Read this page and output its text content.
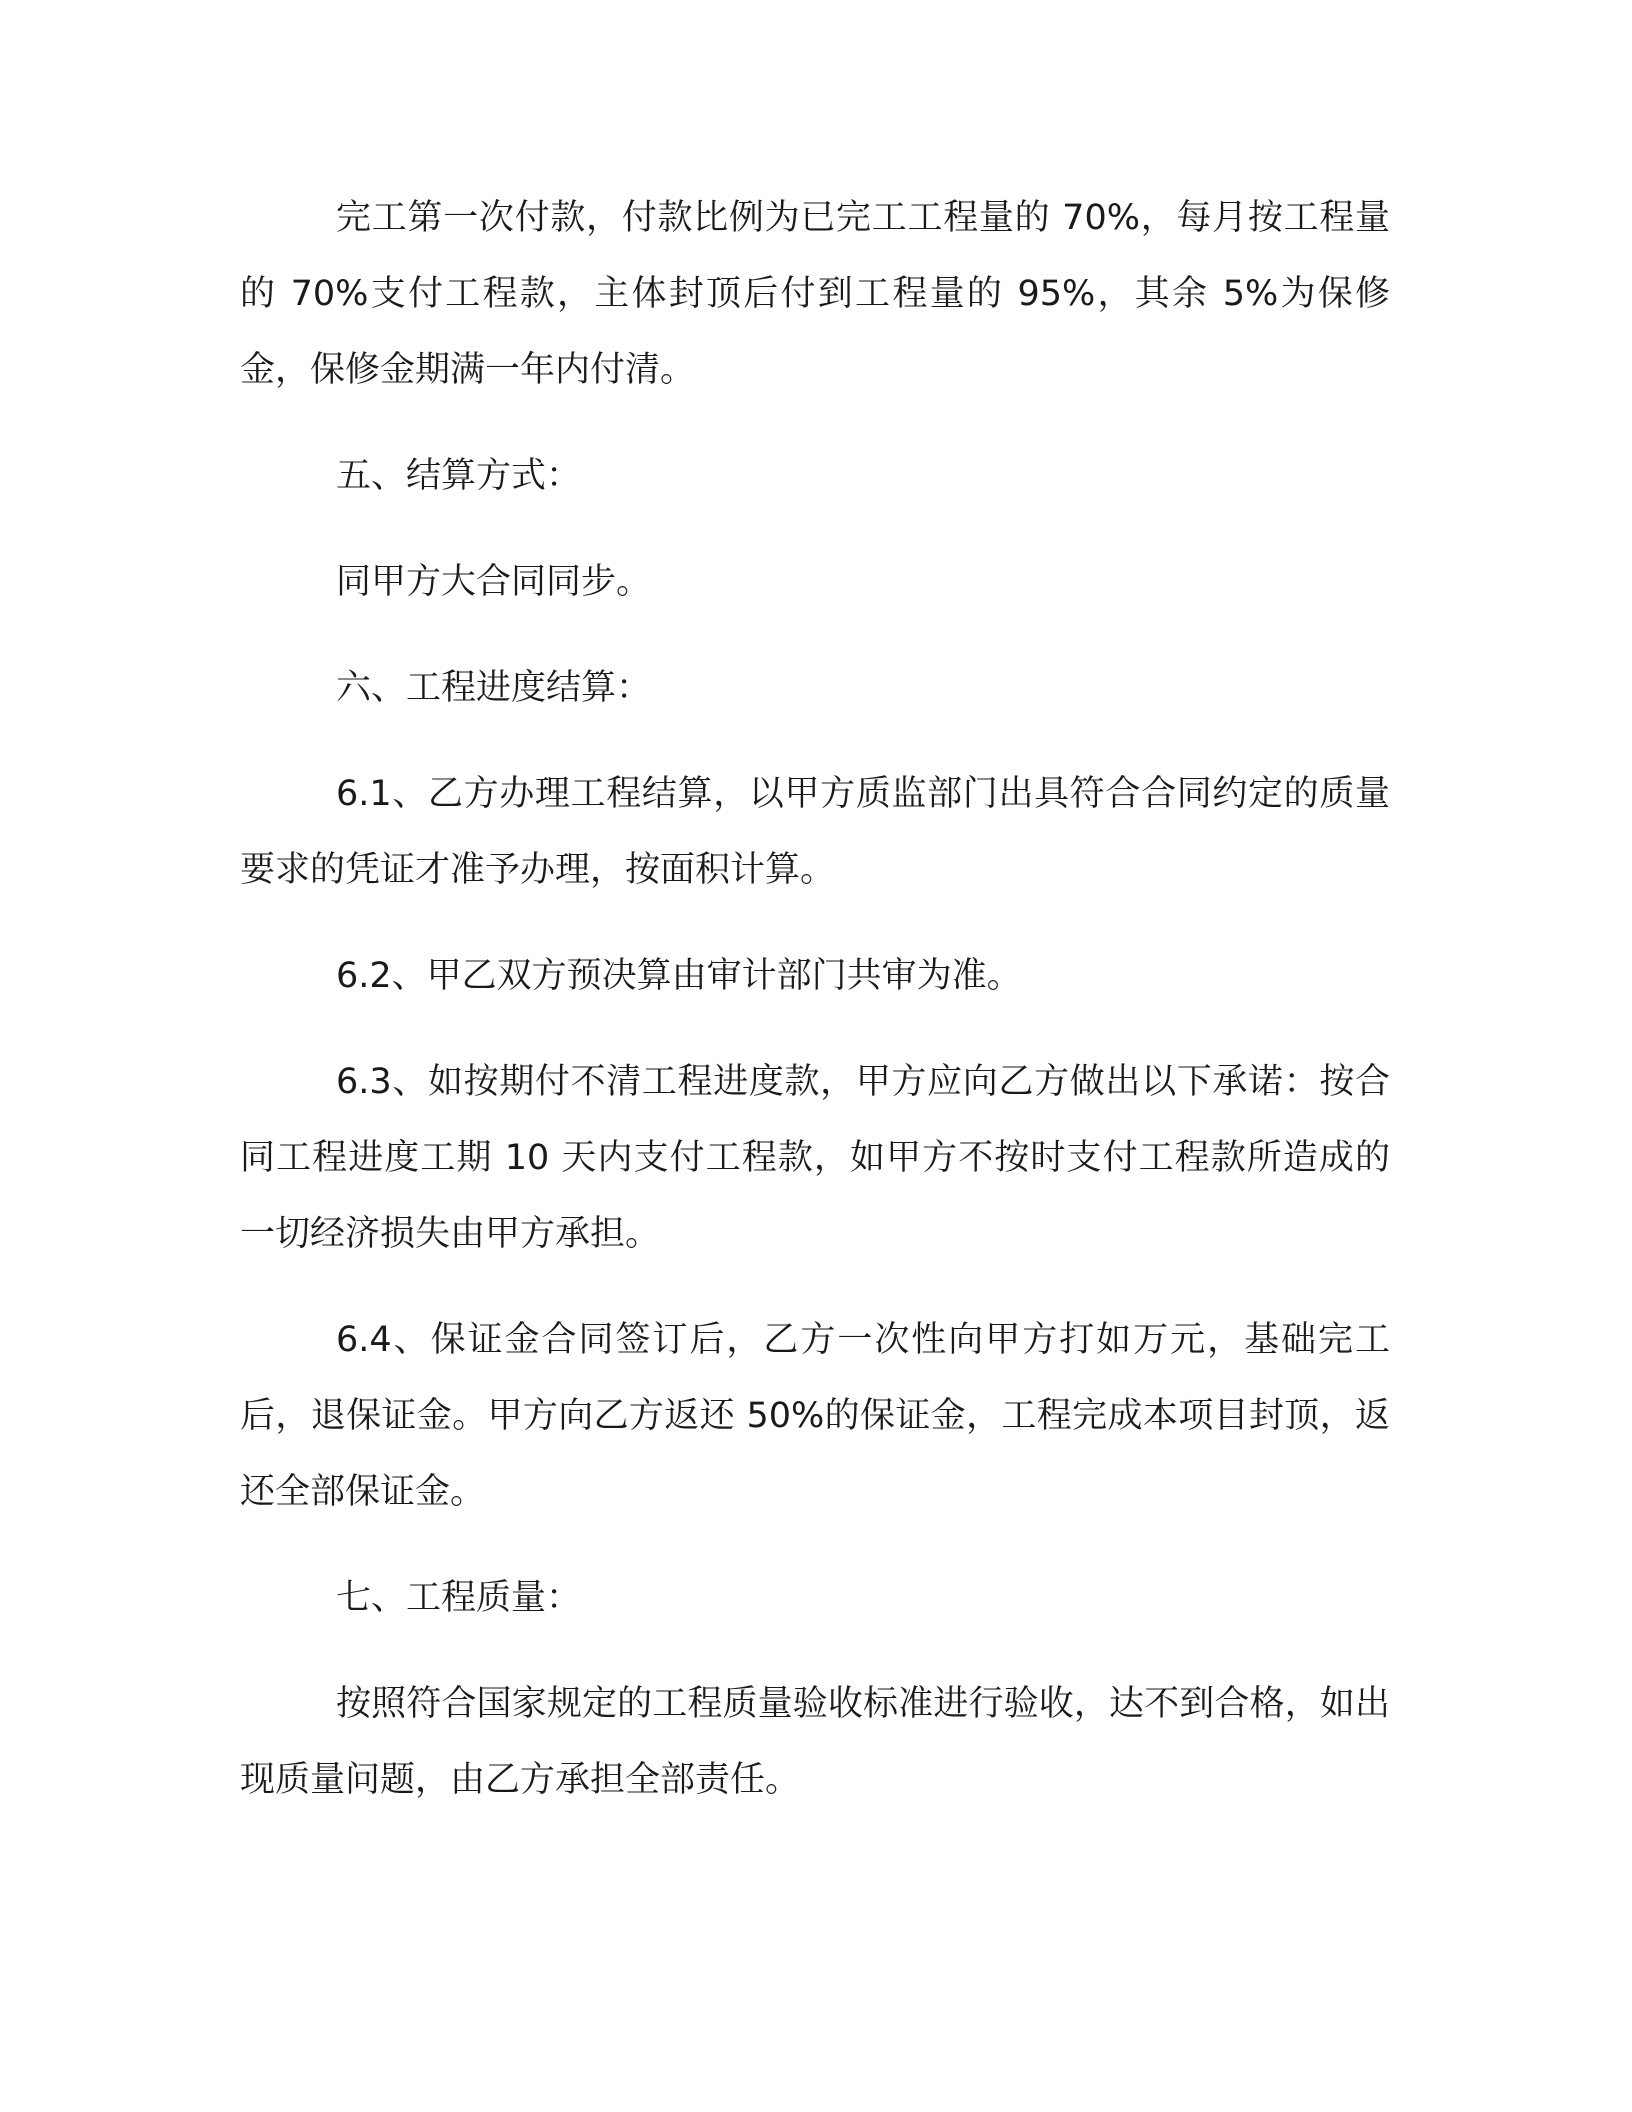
完工第一次付款，付款比例为已完工工程量的 70%，每月按工程量的 70%支付工程款，主体封顶后付到工程量的 95%，其余 5%为保修金，保修金期满一年内付清。

五、结算方式：

同甲方大合同同步。

六、工程进度结算：

6.1、乙方办理工程结算，以甲方质监部门出具符合合同约定的质量要求的凭证才准予办理，按面积计算。

6.2、甲乙双方预决算由审计部门共审为准。

6.3、如按期付不清工程进度款，甲方应向乙方做出以下承诺：按合同工程进度工期 10 天内支付工程款，如甲方不按时支付工程款所造成的一切经济损失由甲方承担。

6.4、保证金合同签订后，乙方一次性向甲方打如万元，基础完工后，退保证金。甲方向乙方返还 50%的保证金，工程完成本项目封顶，返还全部保证金。

七、工程质量：

按照符合国家规定的工程质量验收标准进行验收，达不到合格，如出现质量问题，由乙方承担全部责任。
